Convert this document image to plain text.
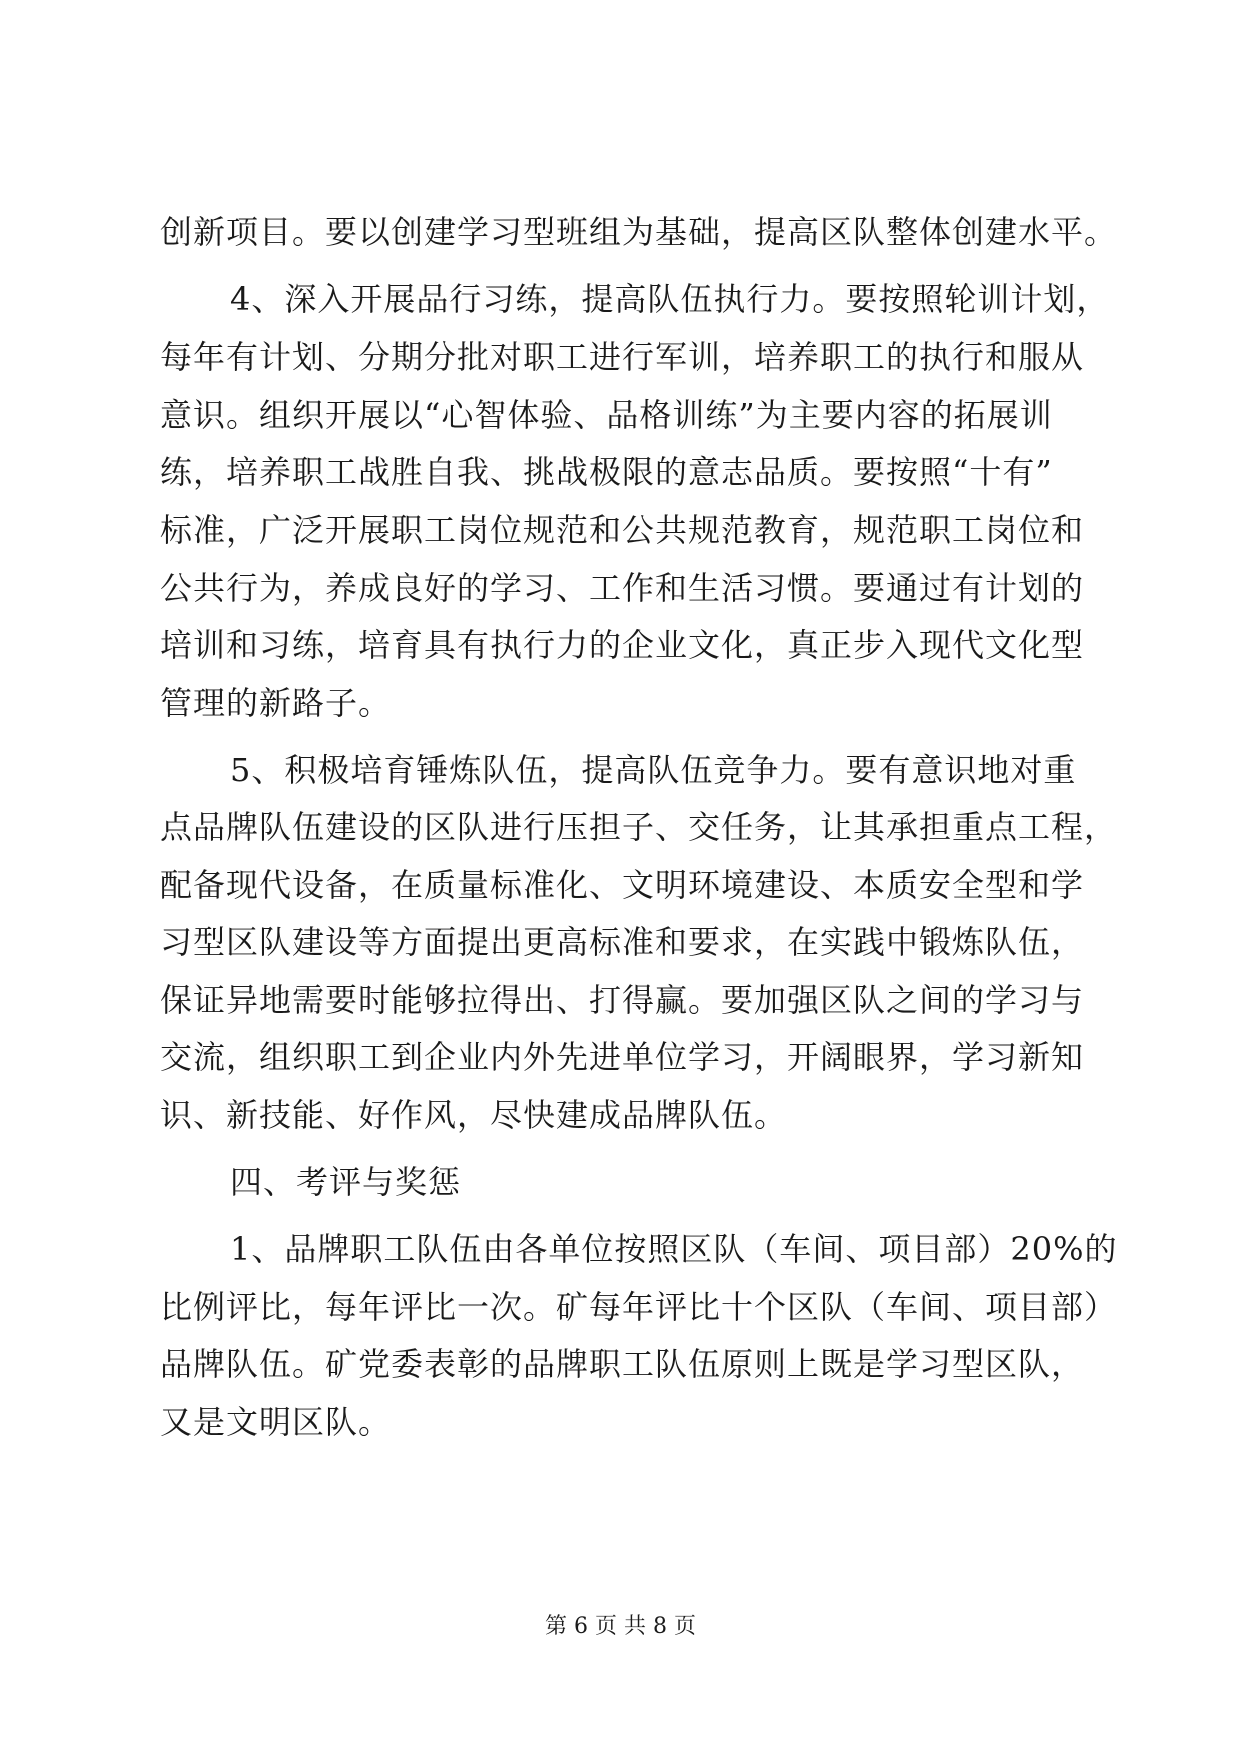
创新项目。要以创建学习型班组为基础，提高区队整体创建水平。

4、深入开展品行习练，提高队伍执行力。要按照轮训计划，

每年有计划、分期分批对职工进行军训，培养职工的执行和服从

意识。组织开展以“心智体验、品格训练”为主要内容的拓展训

练，培养职工战胜自我、挑战极限的意志品质。要按照“十有”

标准，广泛开展职工岗位规范和公共规范教育，规范职工岗位和

公共行为，养成良好的学习、工作和生活习惯。要通过有计划的

培训和习练，培育具有执行力的企业文化，真正步入现代文化型

管理的新路子。

5、积极培育锤炼队伍，提高队伍竞争力。要有意识地对重

点品牌队伍建设的区队进行压担子、交任务，让其承担重点工程，

配备现代设备，在质量标准化、文明环境建设、本质安全型和学

习型区队建设等方面提出更高标准和要求，在实践中锻炼队伍，

保证异地需要时能够拉得出、打得赢。要加强区队之间的学习与

交流，组织职工到企业内外先进单位学习，开阔眼界，学习新知

识、新技能、好作风，尽快建成品牌队伍。

四、考评与奖惩

1、品牌职工队伍由各单位按照区队（车间、项目部）20%的

比例评比，每年评比一次。矿每年评比十个区队（车间、项目部）

品牌队伍。矿党委表彰的品牌职工队伍原则上既是学习型区队，

又是文明区队。

第 6 页 共 8 页
